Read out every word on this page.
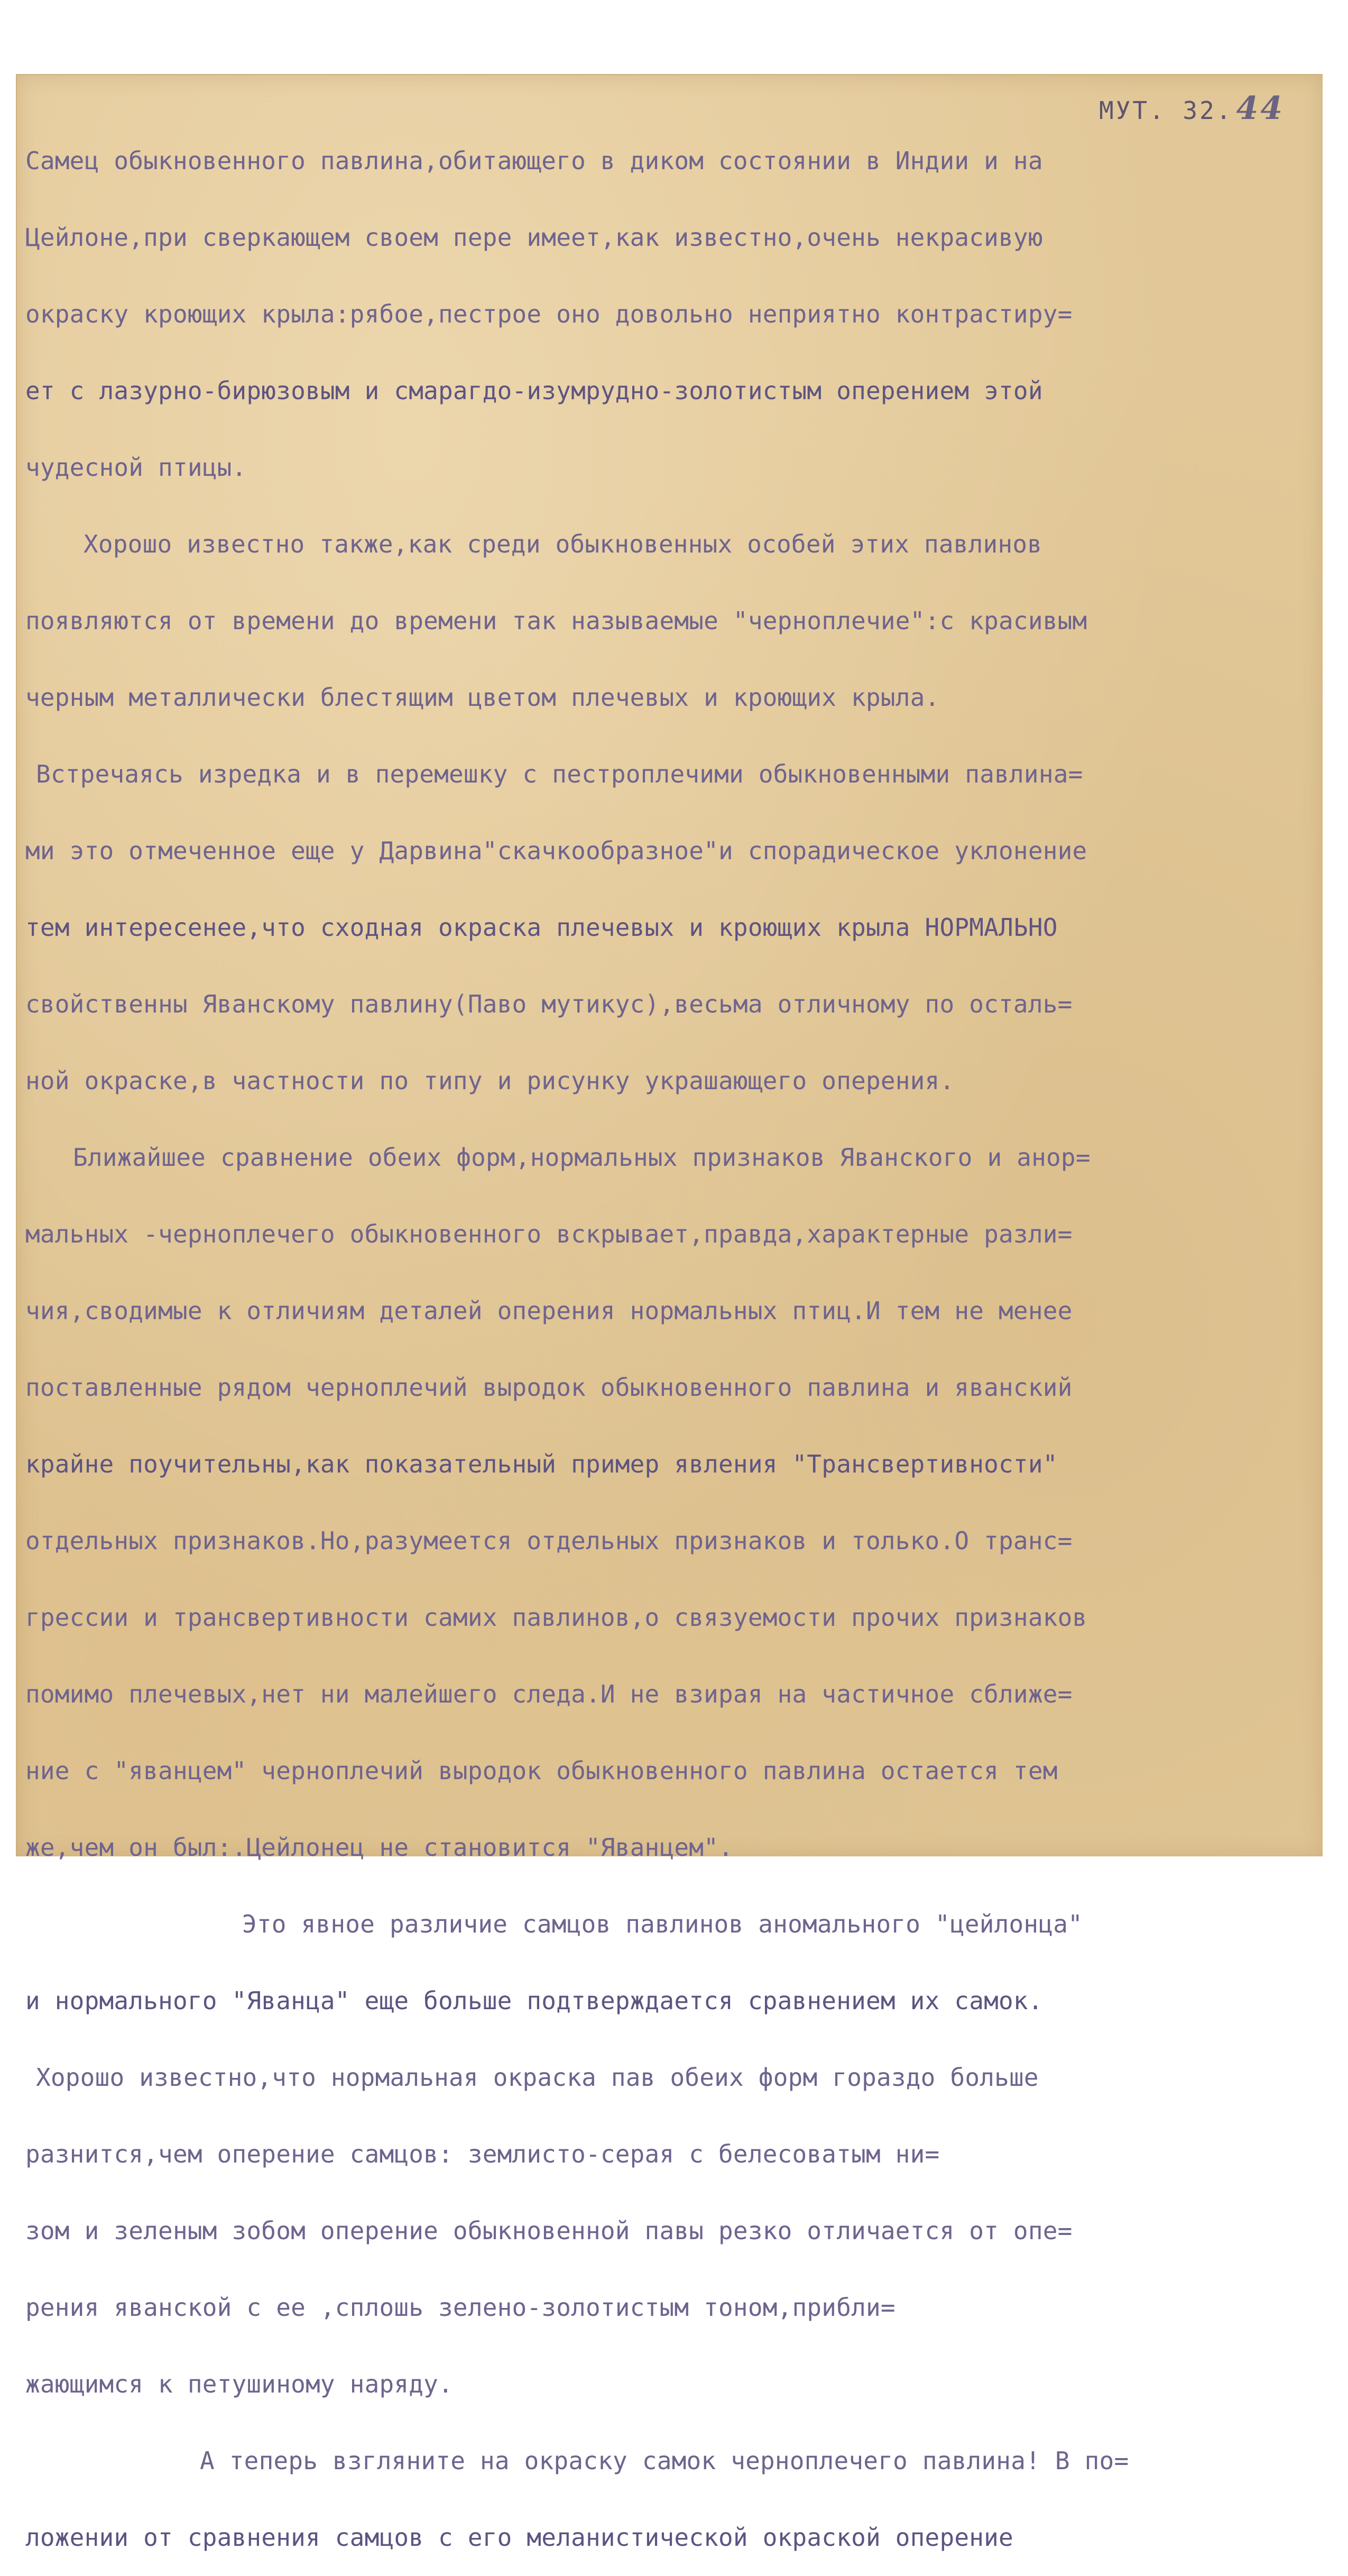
МУТ. 32. 44
Самец обыкновенного павлина,обитающего в диком состоянии в Индии и на
Цейлоне,при сверкающем своем пере имеет,как известно,очень некрасивую
окраску кроющих крыла:рябое,пестрое оно довольно неприятно контрастиру=
ет с лазурно-бирюзовым и смарагдо-изумрудно-золотистым оперением этой
чудесной птицы.
Хорошо известно также,как среди обыкновенных особей этих павлинов
появляются от времени до времени так называемые "черноплечие":с красивым
черным металлически блестящим цветом плечевых и кроющих крыла.
Встречаясь изредка и в перемешку с пестроплечими обыкновенными павлина=
ми это отмеченное еще у Дарвина"скачкообразное"и спорадическое уклонение
тем интересенее,что сходная окраска плечевых и кроющих крыла НОРМАЛЬНО
свойственны Яванскому павлину(Паво мутикус),весьма отличному по осталь=
ной окраске,в частности по типу и рисунку украшающего оперения.
Ближайшее сравнение обеих форм,нормальных признаков Яванского и анор=
мальных -черноплечего обыкновенного вскрывает,правда,характерные разли=
чия,сводимые к отличиям деталей оперения нормальных птиц.И тем не менее
поставленные рядом черноплечий выродок обыкновенного павлина и яванский
крайне поучительны,как показательный пример явления "Трансвертивности"
отдельных признаков.Но,разумеется отдельных признаков и только.О транс=
грессии и трансвертивности самих павлинов,о связуемости прочих признаков
помимо плечевых,нет ни малейшего следа.И не взирая на частичное сближе=
ние с "яванцем" черноплечий выродок обыкновенного павлина остается тем
же,чем он был:.Цейлонец не становится "Яванцем".
Это явное различие самцов павлинов аномального "цейлонца"
и нормального "Яванца" еще больше подтверждается сравнением их самок.
Хорошо известно,что нормальная окраска пав обеих форм гораздо больше
разнится,чем оперение самцов: землисто-серая с белесоватым ни=
зом и зеленым зобом оперение обыкновенной павы резко отличается от опе=
рения яванской с ее ,сплошь зелено-золотистым тоном,прибли=
жающимся к петушиному наряду.
А теперь взгляните на окраску самок черноплечего павлина! В по=
ложении от сравнения самцов с его меланистической окраской оперение
